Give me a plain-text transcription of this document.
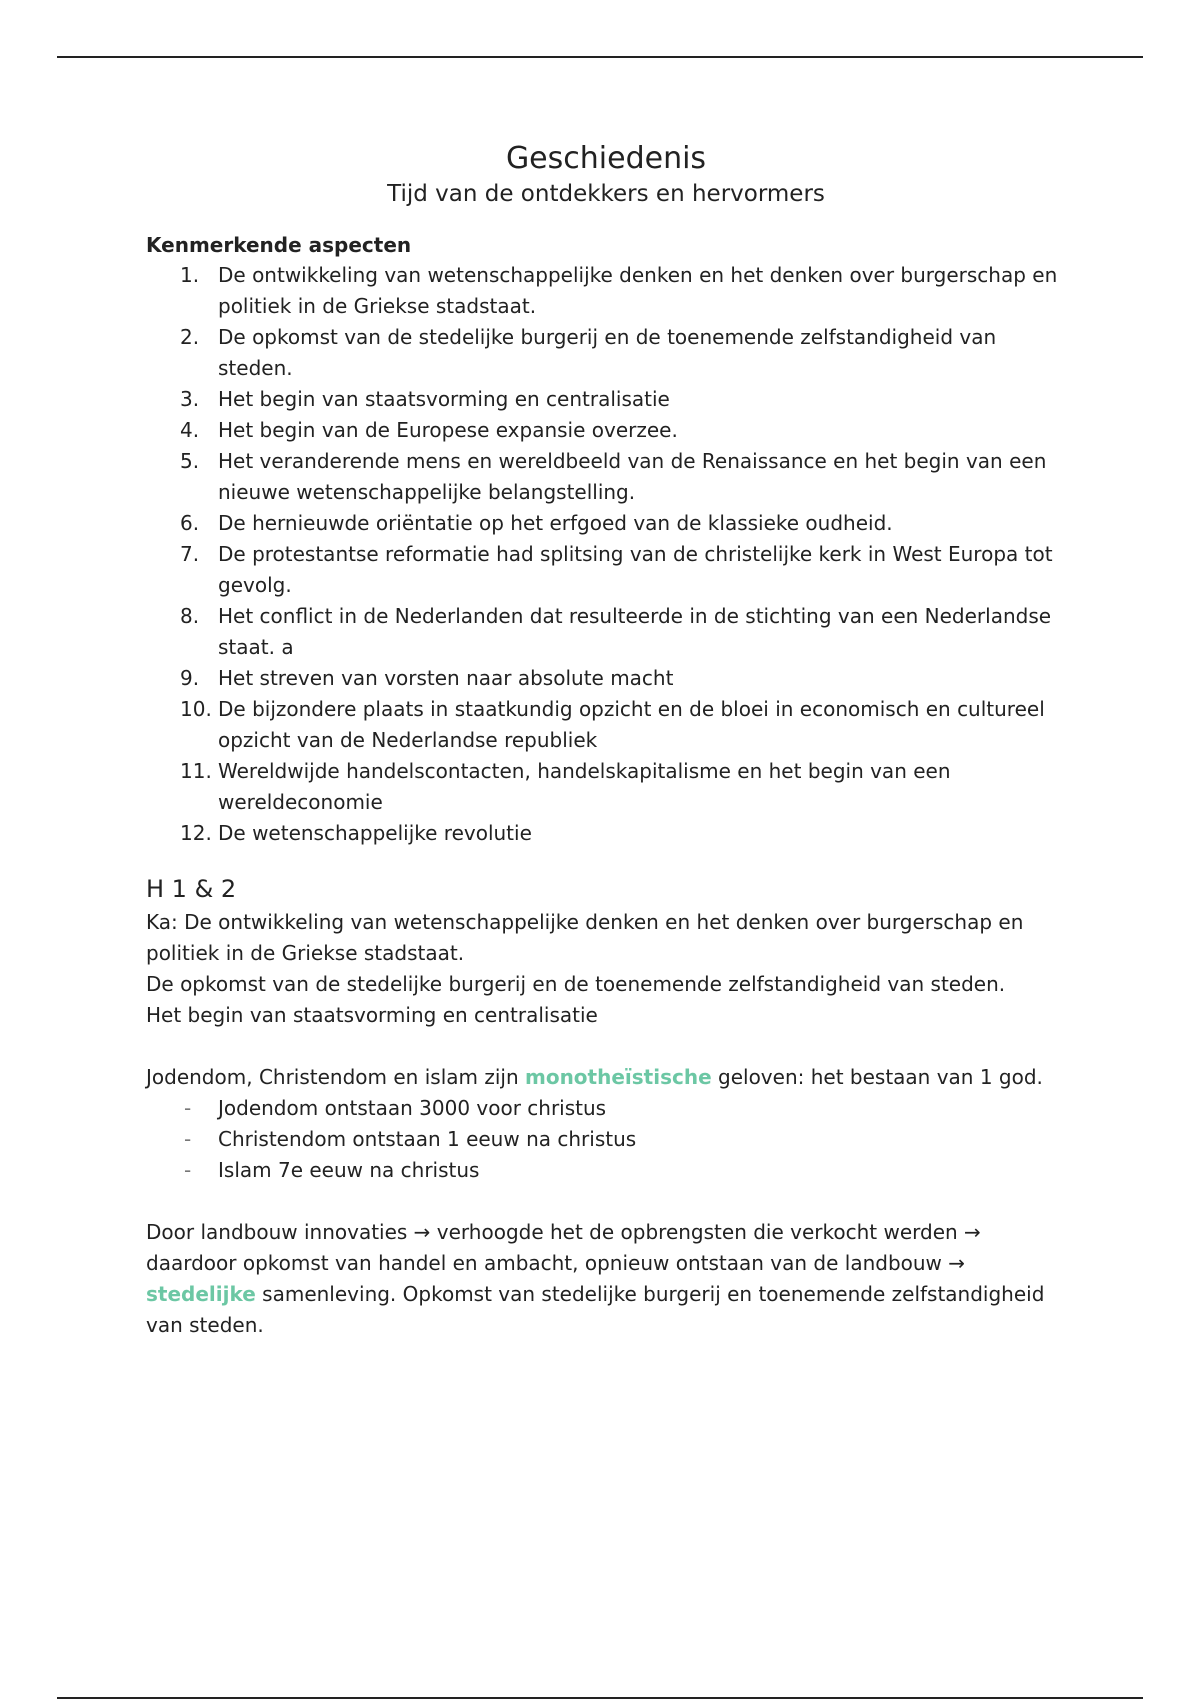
Geschiedenis
Tijd van de ontdekkers en hervormers
Kenmerkende aspecten
1. De ontwikkeling van wetenschappelijke denken en het denken over burgerschap en politiek in de Griekse stadstaat.
2. De opkomst van de stedelijke burgerij en de toenemende zelfstandigheid van steden.
3. Het begin van staatsvorming en centralisatie
4. Het begin van de Europese expansie overzee.
5. Het veranderende mens en wereldbeeld van de Renaissance en het begin van een nieuwe wetenschappelijke belangstelling.
6. De hernieuwde oriëntatie op het erfgoed van de klassieke oudheid.
7. De protestantse reformatie had splitsing van de christelijke kerk in West Europa tot gevolg.
8. Het conflict in de Nederlanden dat resulteerde in de stichting van een Nederlandse staat. a
9. Het streven van vorsten naar absolute macht
10. De bijzondere plaats in staatkundig opzicht en de bloei in economisch en cultureel opzicht van de Nederlandse republiek
11. Wereldwijde handelscontacten, handelskapitalisme en het begin van een wereldeconomie
12. De wetenschappelijke revolutie
H 1 & 2

Ka: De ontwikkeling van wetenschappelijke denken en het denken over burgerschap en politiek in de Griekse stadstaat.

De opkomst van de stedelijke burgerij en de toenemende zelfstandigheid van steden.

Het begin van staatsvorming en centralisatie

Jodendom, Christendom en islam zijn monotheïstische geloven: het bestaan van 1 god.

- Jodendom ontstaan 3000 voor christus
- Christendom ontstaan 1 eeuw na christus
- Islam 7e eeuw na christus

Door landbouw innovaties → verhoogde het de opbrengsten die verkocht werden → daardoor opkomst van handel en ambacht, opnieuw ontstaan van de landbouw → stedelijke samenleving. Opkomst van stedelijke burgerij en toenemende zelfstandigheid van steden.
